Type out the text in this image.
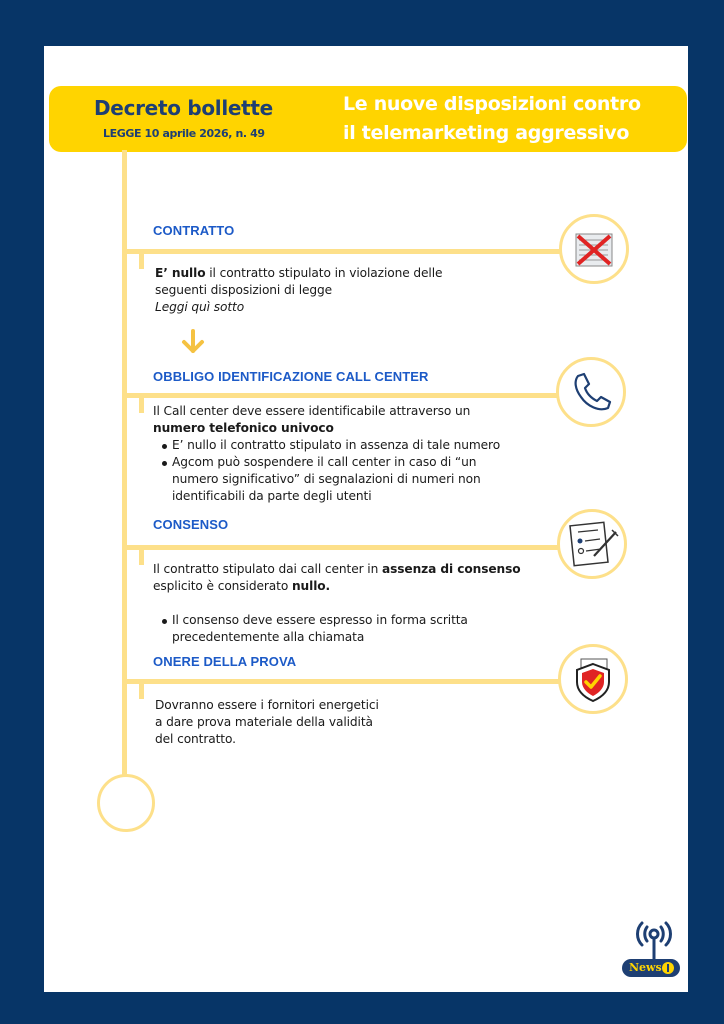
Decreto bollette
LEGGE 10 aprile 2026, n. 49
Le nuove disposizioni contro
il telemarketing aggressivo
CONTRATTO
E’ nullo il contratto stipulato in violazione delle
seguenti disposizioni di legge
Leggi quì sotto
OBBLIGO IDENTIFICAZIONE CALL CENTER
Il Call center deve essere identificabile attraverso un
numero telefonico univoco
E’ nullo il contratto stipulato in assenza di tale numero
Agcom può sospendere il call center in caso di “un
numero significativo” di segnalazioni di numeri non
identificabili da parte degli utenti
CONSENSO
Il contratto stipulato dai call center in assenza di consenso
esplicito è considerato nullo.
Il consenso deve essere espresso in forma scritta
precedentemente alla chiamata
ONERE DELLA PROVA
Dovranno essere i fornitori energetici
a dare prova materiale della validità
del contratto.
News
